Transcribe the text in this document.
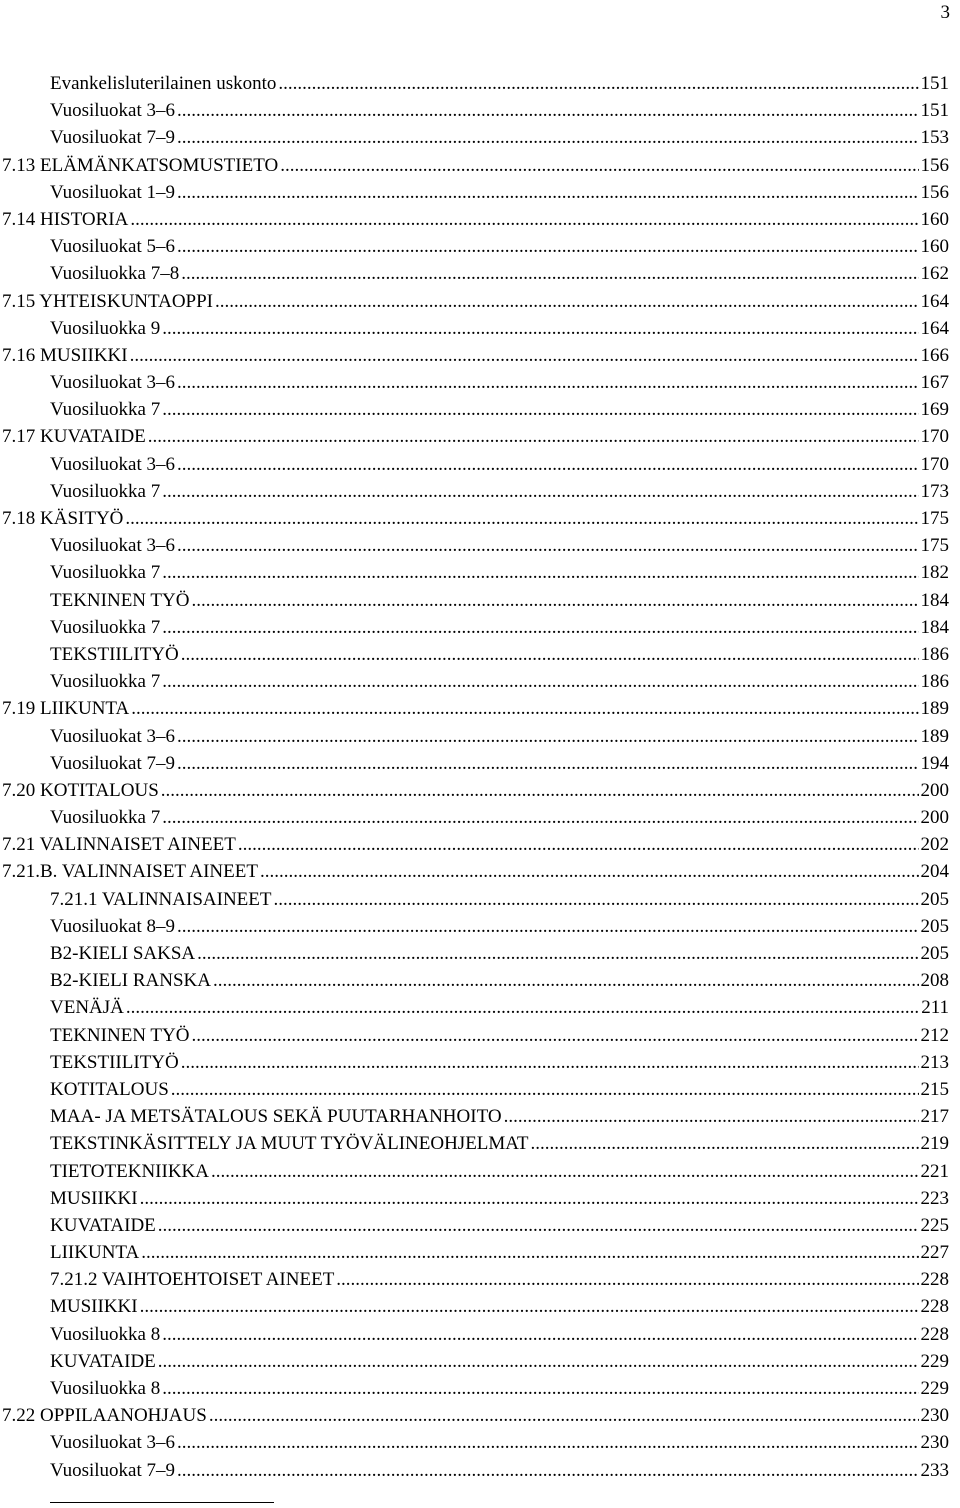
3
Evankelisluterilainen uskonto .....	151
Vuosiluokat 3–6 .....	151
Vuosiluokat 7–9 .....	153
7.13 ELÄMÄNKATSOMUSTIETO .....	156
Vuosiluokat 1–9 .....	156
7.14 HISTORIA .....	160
Vuosiluokat 5–6 .....	160
Vuosiluokka 7–8 .....	162
7.15 YHTEISKUNTAOPPI .....	164
Vuosiluokka 9 .....	164
7.16 MUSIIKKI .....	166
Vuosiluokat 3–6 .....	167
Vuosiluokka 7 .....	169
7.17 KUVATAIDE .....	170
Vuosiluokat 3–6 .....	170
Vuosiluokka 7 .....	173
7.18 KÄSITYÖ .....	175
Vuosiluokat 3–6 .....	175
Vuosiluokka 7 .....	182
TEKNINEN TYÖ .....	184
Vuosiluokka 7 .....	184
TEKSTIILITYÖ .....	186
Vuosiluokka 7 .....	186
7.19 LIIKUNTA .....	189
Vuosiluokat 3–6 .....	189
Vuosiluokat 7–9 .....	194
7.20 KOTITALOUS .....	200
Vuosiluokka 7 .....	200
7.21 VALINNAISET AINEET .....	202
7.21.B. VALINNAISET AINEET .....	204
7.21.1 VALINNAISAINEET .....	205
Vuosiluokat 8–9 .....	205
B2-KIELI SAKSA .....	205
B2-KIELI RANSKA .....	208
VENÄJÄ .....	211
TEKNINEN TYÖ .....	212
TEKSTIILITYÖ .....	213
KOTITALOUS .....	215
MAA- JA METSÄTALOUS SEKÄ PUUTARHANHOITO .....	217
TEKSTINKÄSITTELY JA MUUT TYÖVÄLINEOHJELMAT .....	219
TIETOTEKNIIKKA .....	221
MUSIIKKI .....	223
KUVATAIDE .....	225
LIIKUNTA .....	227
7.21.2 VAIHTOEHTOISET AINEET .....	228
MUSIIKKI .....	228
Vuosiluokka 8 .....	228
KUVATAIDE .....	229
Vuosiluokka 8 .....	229
7.22 OPPILAANOHJAUS .....	230
Vuosiluokat 3–6 .....	230
Vuosiluokat 7–9 .....	233
